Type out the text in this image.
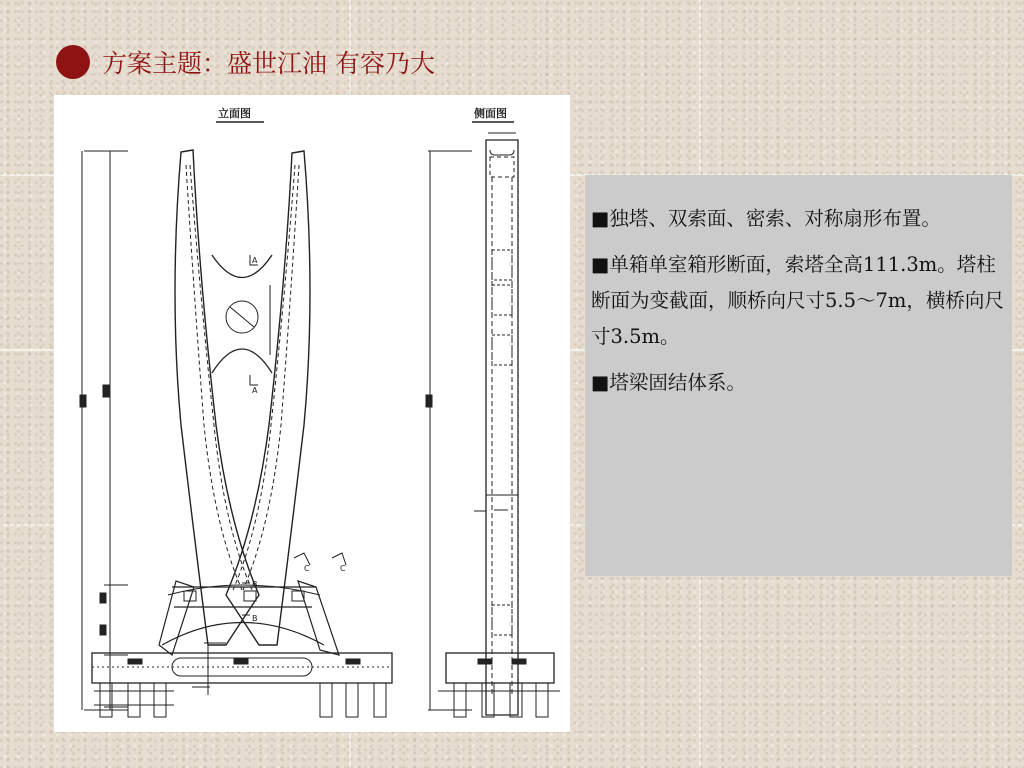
方案主题：盛世江油 有容乃大
立面图	侧面图
A
A
B
B
C	C

■独塔、双索面、密索、对称扇形布置。

■单箱单室箱形断面，索塔全高111.3m。塔柱断面为变截面，顺桥向尺寸5.5～7m，横桥向尺寸3.5m。

■塔梁固结体系。
